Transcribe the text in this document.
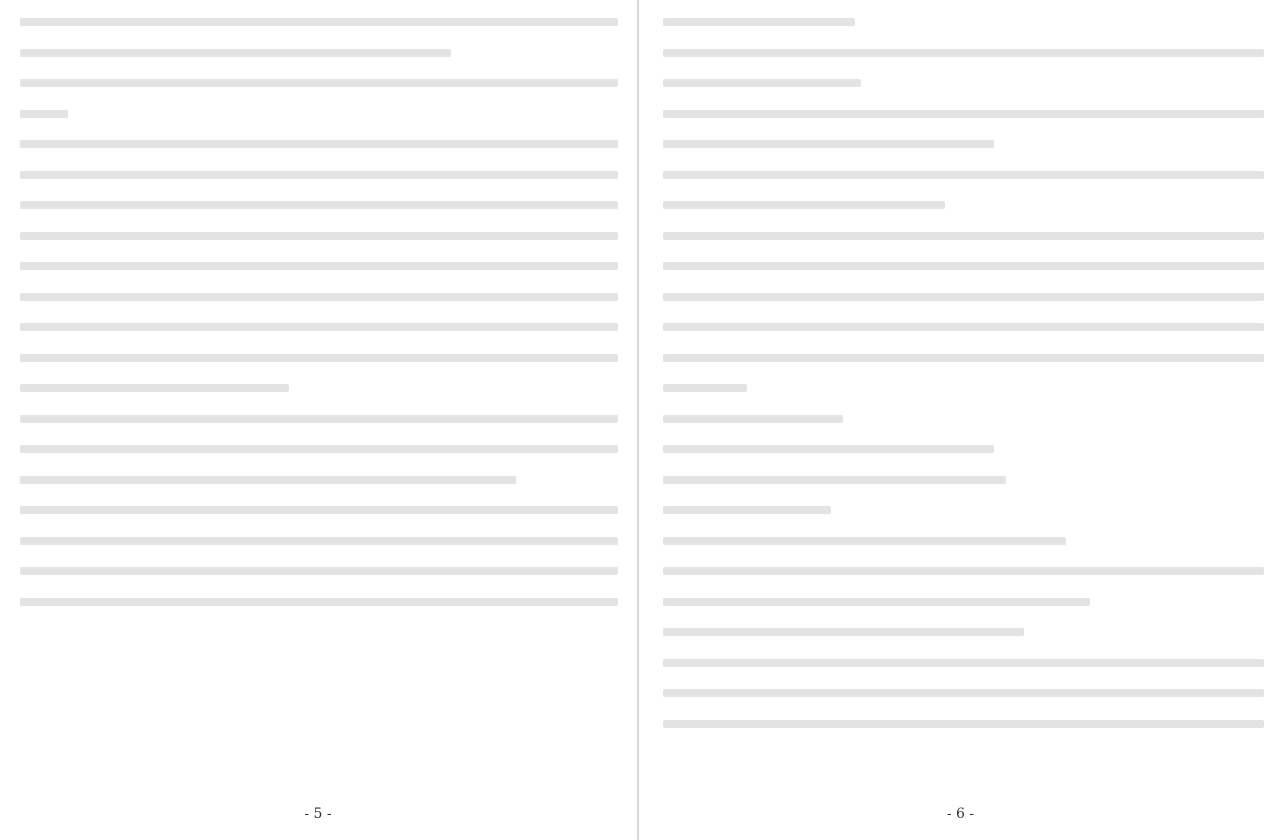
- 5 -	- 6 -
